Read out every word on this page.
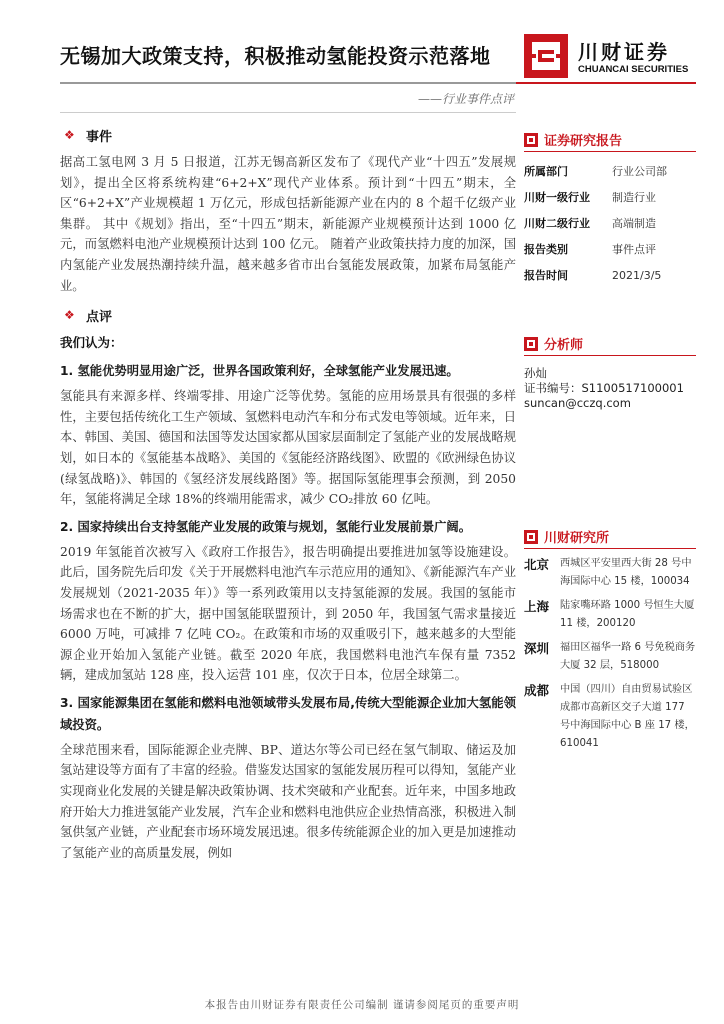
无锡加大政策支持，积极推动氢能投资示范落地	川财证券
CHUANCAI SECURITIES
——行业事件点评
❖ 事件

据高工氢电网 3 月 5 日报道，江苏无锡高新区发布了《现代产业“十四五”发展规划》，提出全区将系统构建“6+2+X”现代产业体系。预计到“十四五”期末，全区“6+2+X”产业规模超 1 万亿元，形成包括新能源产业在内的 8 个超千亿级产业集群。 其中《规划》指出，至“十四五”期末，新能源产业规模预计达到 1000 亿元，而氢燃料电池产业规模预计达到 100 亿元。 随着产业政策扶持力度的加深，国内氢能产业发展热潮持续升温，越来越多省市出台氢能发展政策，加紧布局氢能产业。

❖ 点评
我们认为：
1. 氢能优势明显用途广泛，世界各国政策利好，全球氢能产业发展迅速。

氢能具有来源多样、终端零排、用途广泛等优势。氢能的应用场景具有很强的多样性，主要包括传统化工生产领域、氢燃料电动汽车和分布式发电等领域。近年来，日本、韩国、美国、德国和法国等发达国家都从国家层面制定了氢能产业的发展战略规划，如日本的《氢能基本战略》、美国的《氢能经济路线图》、欧盟的《欧洲绿色协议(绿氢战略)》、韩国的《氢经济发展线路图》等。据国际氢能理事会预测，到 2050 年，氢能将满足全球 18%的终端用能需求，减少 CO₂排放 60 亿吨。

2. 国家持续出台支持氢能产业发展的政策与规划，氢能行业发展前景广阔。

2019 年氢能首次被写入《政府工作报告》，报告明确提出要推进加氢等设施建设。此后，国务院先后印发《关于开展燃料电池汽车示范应用的通知》、《新能源汽车产业发展规划（2021-2035 年）》等一系列政策用以支持氢能源的发展。我国的氢能市场需求也在不断的扩大，据中国氢能联盟预计，到 2050 年，我国氢气需求量接近 6000 万吨，可减排 7 亿吨 CO₂。在政策和市场的双重吸引下，越来越多的大型能源企业开始加入氢能产业链。截至 2020 年底，我国燃料电池汽车保有量 7352 辆，建成加氢站 128 座，投入运营 101 座，仅次于日本，位居全球第二。

3. 国家能源集团在氢能和燃料电池领域带头发展布局,传统大型能源企业加大氢能领域投资。

全球范围来看，国际能源企业壳牌、BP、道达尔等公司已经在氢气制取、储运及加氢站建设等方面有了丰富的经验。借鉴发达国家的氢能发展历程可以得知，氢能产业实现商业化发展的关键是解决政策协调、技术突破和产业配套。近年来，中国多地政府开始大力推进氢能产业发展，汽车企业和燃料电池供应企业热情高涨，积极进入制氢供氢产业链，产业配套市场环境发展迅速。很多传统能源企业的加入更是加速推动了氢能产业的高质量发展，例如

证券研究报告
所属部门	行业公司部
川财一级行业	制造行业
川财二级行业	高端制造
报告类别	事件点评
报告时间	2021/3/5
分析师
孙灿
证书编号：S1100517100001
suncan@cczq.com
川财研究所
北京 西城区平安里西大街 28 号中海国际中心 15 楼，100034
上海 陆家嘴环路 1000 号恒生大厦 11 楼，200120
深圳 福田区福华一路 6 号免税商务大厦 32 层，518000
成都 中国（四川）自由贸易试验区成都市高新区交子大道 177 号中海国际中心 B 座 17 楼，610041
本报告由川财证券有限责任公司编制 谨请参阅尾页的重要声明
